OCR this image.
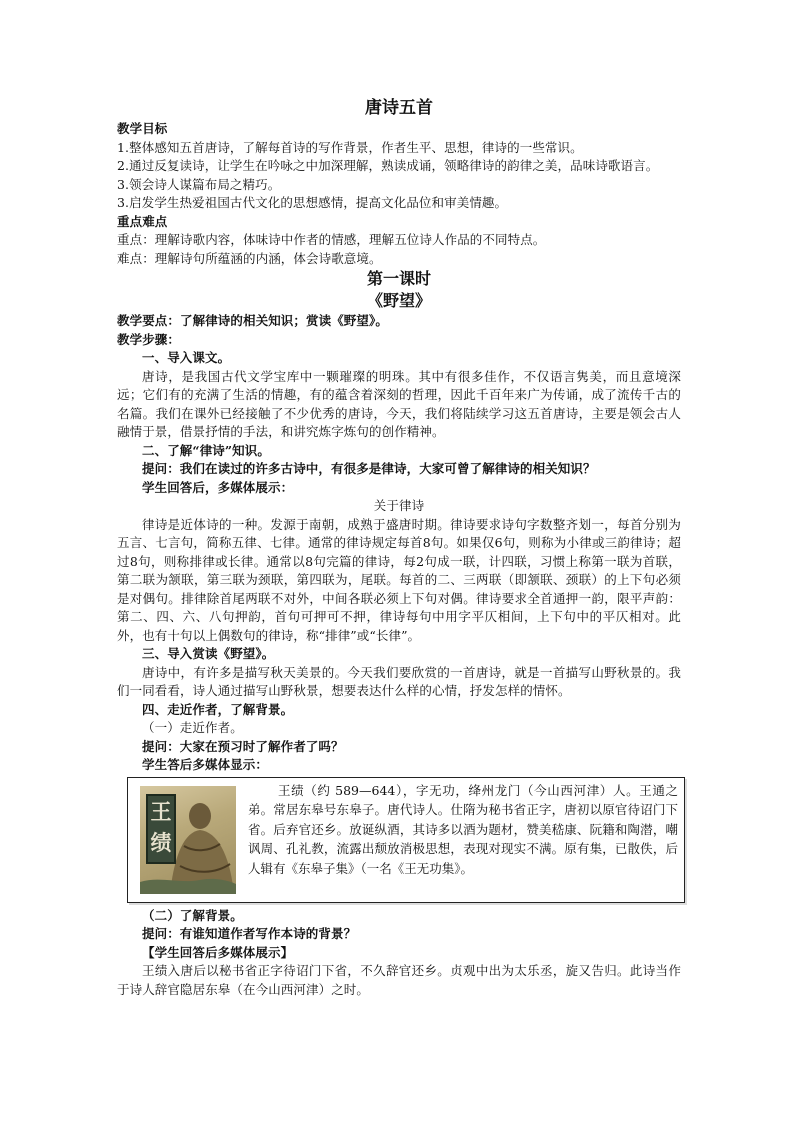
唐诗五首

教学目标

1.整体感知五首唐诗，了解每首诗的写作背景，作者生平、思想，律诗的一些常识。

2.通过反复读诗，让学生在吟咏之中加深理解，熟读成诵，领略律诗的韵律之美，品味诗歌语言。

3.领会诗人谋篇布局之精巧。

3.启发学生热爱祖国古代文化的思想感情，提高文化品位和审美情趣。

重点难点

重点：理解诗歌内容，体味诗中作者的情感，理解五位诗人作品的不同特点。

难点：理解诗句所蕴涵的内涵，体会诗歌意境。

第一课时
《野望》

教学要点：了解律诗的相关知识；赏读《野望》。

教学步骤：

一、导入课文。

唐诗，是我国古代文学宝库中一颗璀璨的明珠。其中有很多佳作，不仅语言隽美，而且意境深远；它们有的充满了生活的情趣，有的蕴含着深刻的哲理，因此千百年来广为传诵，成了流传千古的名篇。我们在课外已经接触了不少优秀的唐诗，今天，我们将陆续学习这五首唐诗，主要是领会古人融情于景，借景抒情的手法，和讲究炼字炼句的创作精神。

二、了解“律诗”知识。

提问：我们在读过的许多古诗中，有很多是律诗，大家可曾了解律诗的相关知识？

学生回答后，多媒体展示：

关于律诗

律诗是近体诗的一种。发源于南朝，成熟于盛唐时期。律诗要求诗句字数整齐划一，每首分别为五言、七言句，简称五律、七律。通常的律诗规定每首8句。如果仅6句，则称为小律或三韵律诗；超过8句，则称排律或长律。通常以8句完篇的律诗，每2句成一联，计四联，习惯上称第一联为首联，第二联为颔联，第三联为颈联，第四联为，尾联。每首的二、三两联（即颔联、颈联）的上下句必须是对偶句。排律除首尾两联不对外，中间各联必须上下句对偶。律诗要求全首通押一韵，限平声韵：第二、四、六、八句押韵，首句可押可不押，律诗每句中用字平仄相间，上下句中的平仄相对。此外，也有十句以上偶数句的律诗，称“排律”或“长律”。

三、导入赏读《野望》。

唐诗中，有许多是描写秋天美景的。今天我们要欣赏的一首唐诗，就是一首描写山野秋景的。我们一同看看，诗人通过描写山野秋景，想要表达什么样的心情，抒发怎样的情怀。

四、走近作者，了解背景。

（一）走近作者。

提问：大家在预习时了解作者了吗？

学生答后多媒体显示：

王绩
王绩（约 589—644），字无功，绛州龙门（今山西河津）人。王通之弟。常居东皋号东皋子。唐代诗人。仕隋为秘书省正字，唐初以原官待诏门下省。后弃官还乡。放诞纵酒，其诗多以酒为题材，赞美嵇康、阮籍和陶潜，嘲讽周、孔礼教，流露出颓放消极思想，表现对现实不满。原有集，已散佚，后人辑有《东皋子集》（一名《王无功集》。

（二）了解背景。

提问：有谁知道作者写作本诗的背景？

【学生回答后多媒体展示】

王绩入唐后以秘书省正字待诏门下省，不久辞官还乡。贞观中出为太乐丞，旋又告归。此诗当作于诗人辞官隐居东皋（在今山西河津）之时。
